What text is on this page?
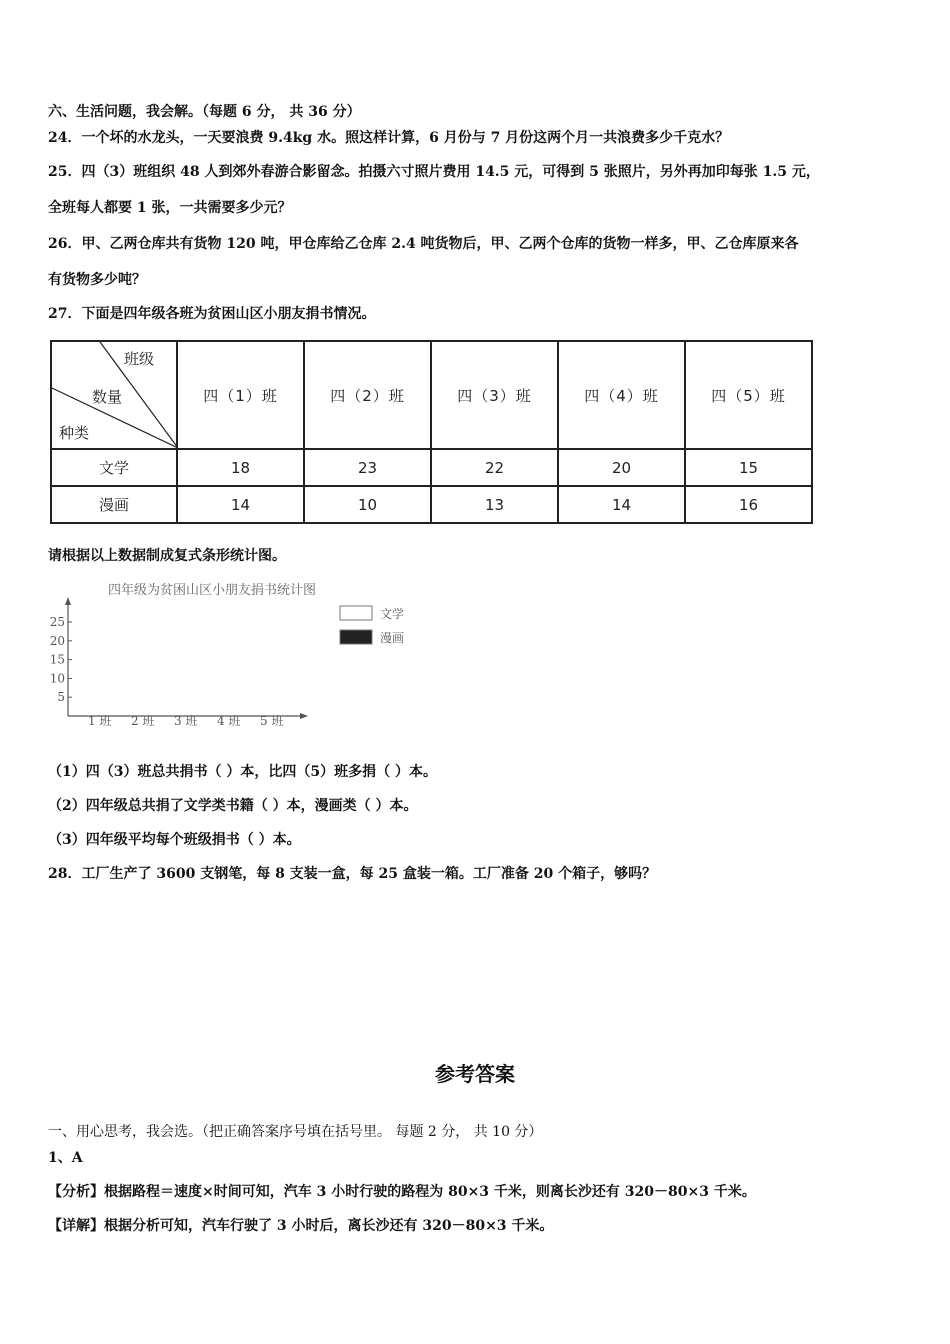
六、生活问题，我会解。（每题 6 分， 共 36 分）
24．一个坏的水龙头，一天要浪费 9.4kg 水。照这样计算，6 月份与 7 月份这两个月一共浪费多少千克水？
25．四（3）班组织 48 人到郊外春游合影留念。拍摄六寸照片费用 14.5 元，可得到 5 张照片，另外再加印每张 1.5 元，
全班每人都要 1 张，一共需要多少元？
26．甲、乙两仓库共有货物 120 吨，甲仓库给乙仓库 2.4 吨货物后，甲、乙两个仓库的货物一样多，甲、乙仓库原来各
有货物多少吨？
27．下面是四年级各班为贫困山区小朋友捐书情况。
班级
数量
种类	四（1）班	四（2）班	四（3）班	四（4）班	四（5）班
文学	18	23	22	20	15
漫画	14	10	13	14	16
请根据以上数据制成复式条形统计图。
四年级为贫困山区小朋友捐书统计图
5
10
15
20
25
1 班 2 班 3 班 4 班 5 班
文学
漫画
（1）四（3）班总共捐书（ ）本，比四（5）班多捐（ ）本。
（2）四年级总共捐了文学类书籍（ ）本，漫画类（ ）本。
（3）四年级平均每个班级捐书（ ）本。
28．工厂生产了 3600 支钢笔，每 8 支装一盒，每 25 盒装一箱。工厂准备 20 个箱子，够吗？
参考答案
一、用心思考，我会选。（把正确答案序号填在括号里。 每题 2 分， 共 10 分）
1、A
【分析】根据路程＝速度×时间可知，汽车 3 小时行驶的路程为 80×3 千米，则离长沙还有 320－80×3 千米。
【详解】根据分析可知，汽车行驶了 3 小时后，离长沙还有 320－80×3 千米。
